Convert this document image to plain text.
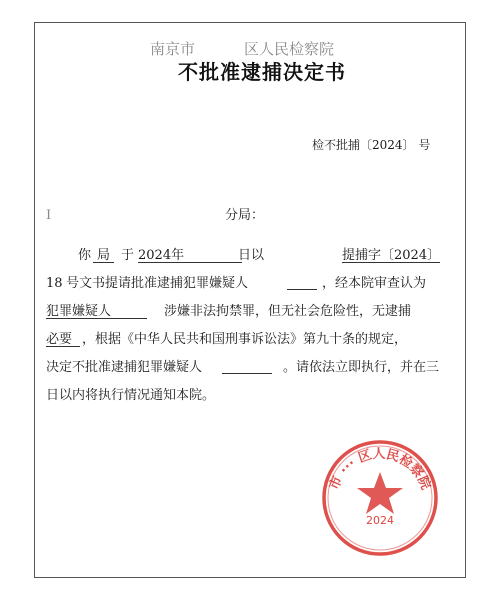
南京市	区人民检察院
不批准逮捕决定书
检不批捕〔2024〕 号
I	分局：
你 局 于 2024年	日以	提捕字〔2024〕
18 号文书提请批准逮捕犯罪嫌疑人	，经本院审查认为
犯罪嫌疑人	涉嫌非法拘禁罪，但无社会危险性，无逮捕
必要 ，根据《中华人民共和国刑事诉讼法》第九十条的规定，
决定不批准逮捕犯罪嫌疑人	。请依法立即执行，并在三
日以内将执行情况通知本院。
市 ··· 区人民检察院
2024
